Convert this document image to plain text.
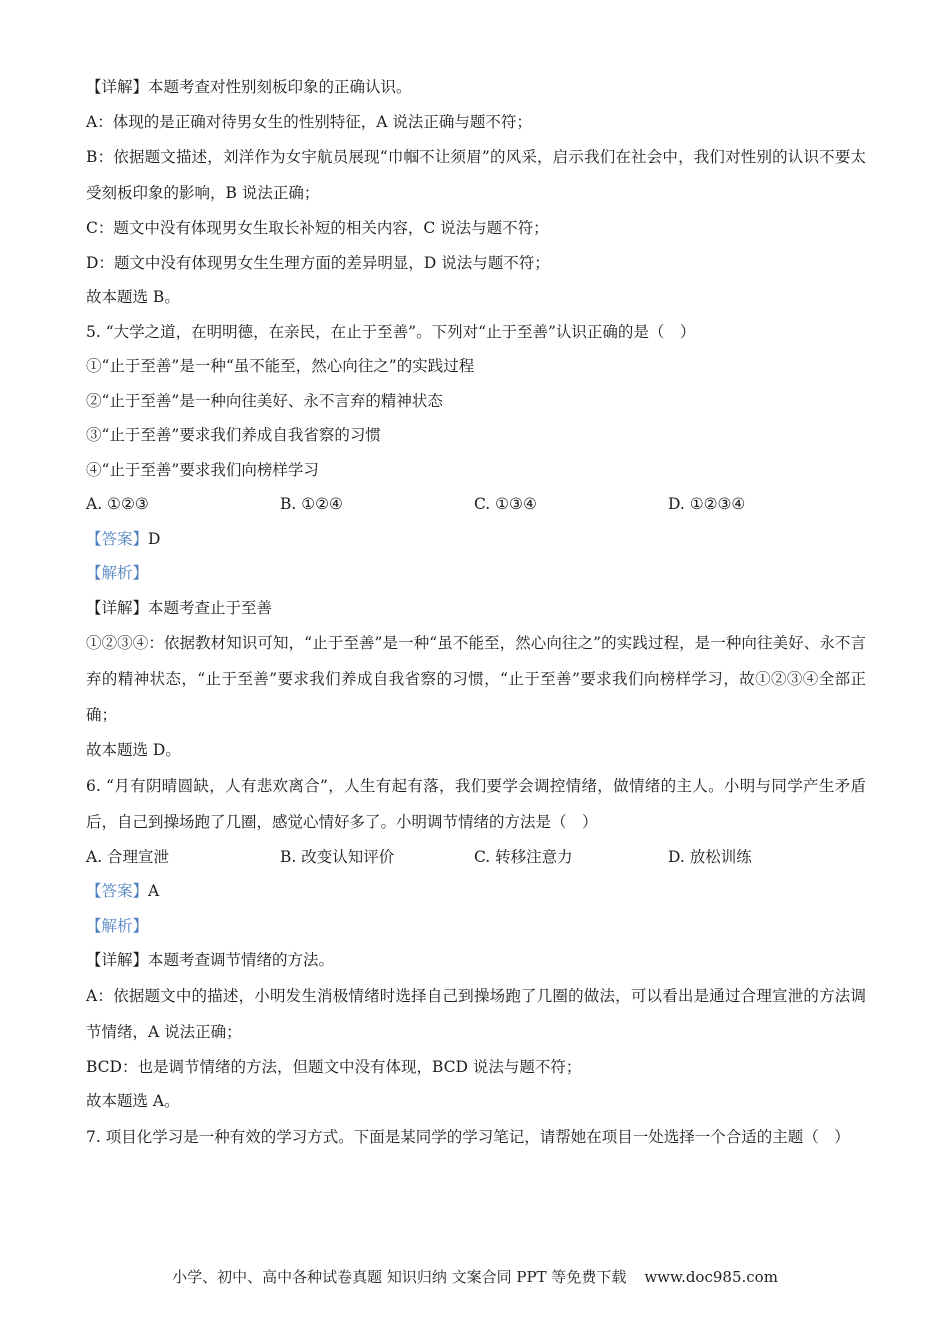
【详解】本题考查对性别刻板印象的正确认识。
A：体现的是正确对待男女生的性别特征，A 说法正确与题不符；
B：依据题文描述，刘洋作为女宇航员展现“巾帼不让须眉”的风采，启示我们在社会中，我们对性别的认识不要太受刻板印象的影响，B 说法正确；
C：题文中没有体现男女生取长补短的相关内容，C 说法与题不符；
D：题文中没有体现男女生生理方面的差异明显，D 说法与题不符；
故本题选 B。
5. “大学之道，在明明德，在亲民，在止于至善”。下列对“止于至善”认识正确的是（　）
①“止于至善”是一种“虽不能至，然心向往之”的实践过程
②“止于至善”是一种向往美好、永不言弃的精神状态
③“止于至善”要求我们养成自我省察的习惯
④“止于至善”要求我们向榜样学习
A. ①②③	B. ①②④	C. ①③④	D. ①②③④
【答案】D
【解析】
【详解】本题考查止于至善
①②③④：依据教材知识可知，“止于至善”是一种“虽不能至，然心向往之”的实践过程，是一种向往美好、永不言弃的精神状态，“止于至善”要求我们养成自我省察的习惯，“止于至善”要求我们向榜样学习，故①②③④全部正确；
故本题选 D。
6. “月有阴晴圆缺，人有悲欢离合”，人生有起有落，我们要学会调控情绪，做情绪的主人。小明与同学产生矛盾后，自己到操场跑了几圈，感觉心情好多了。小明调节情绪的方法是（　）
A. 合理宣泄	B. 改变认知评价	C. 转移注意力	D. 放松训练
【答案】A
【解析】
【详解】本题考查调节情绪的方法。
A：依据题文中的描述，小明发生消极情绪时选择自己到操场跑了几圈的做法，可以看出是通过合理宣泄的方法调节情绪，A 说法正确；
BCD：也是调节情绪的方法，但题文中没有体现，BCD 说法与题不符；
故本题选 A。
7. 项目化学习是一种有效的学习方式。下面是某同学的学习笔记，请帮她在项目一处选择一个合适的主题（　）
小学、初中、高中各种试卷真题 知识归纳 文案合同 PPT 等免费下载 www.doc985.com
